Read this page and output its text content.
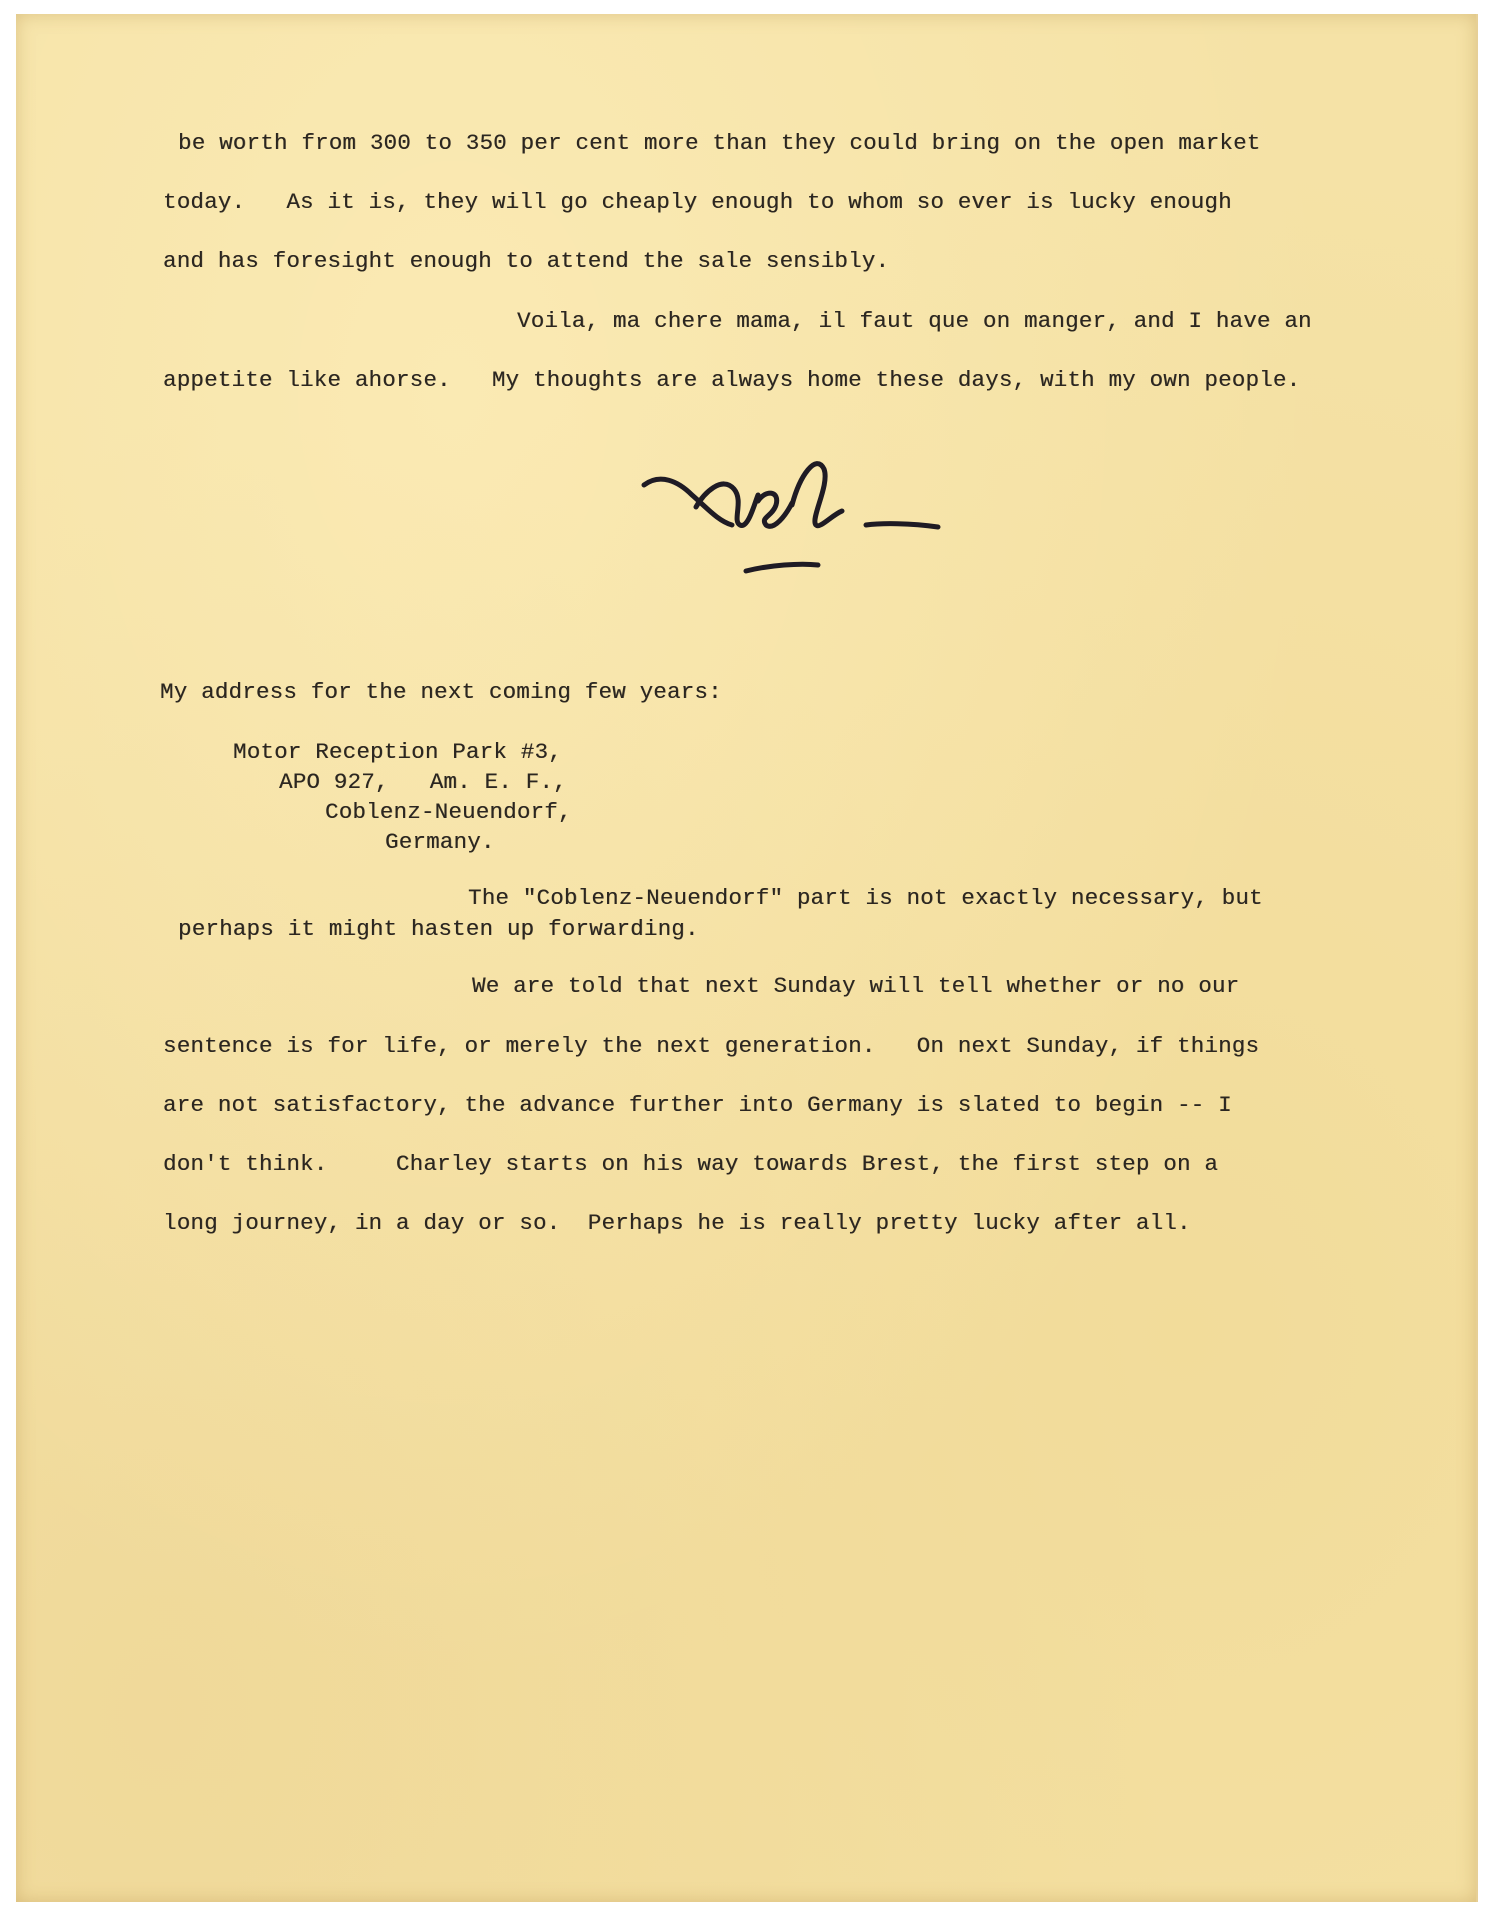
be worth from 300 to 350 per cent more than they could bring on the open market

today.   As it is, they will go cheaply enough to whom so ever is lucky enough

and has foresight enough to attend the sale sensibly.

Voila, ma chere mama, il faut que on manger, and I have an

appetite like ahorse.   My thoughts are always home these days, with my own people.

My address for the next coming few years:

Motor Reception Park #3,

APO 927,   Am. E. F.,

Coblenz-Neuendorf,

Germany.

The "Coblenz-Neuendorf" part is not exactly necessary, but

perhaps it might hasten up forwarding.

We are told that next Sunday will tell whether or no our

sentence is for life, or merely the next generation.   On next Sunday, if things

are not satisfactory, the advance further into Germany is slated to begin -- I

don't think.     Charley starts on his way towards Brest, the first step on a

long journey, in a day or so.  Perhaps he is really pretty lucky after all.
